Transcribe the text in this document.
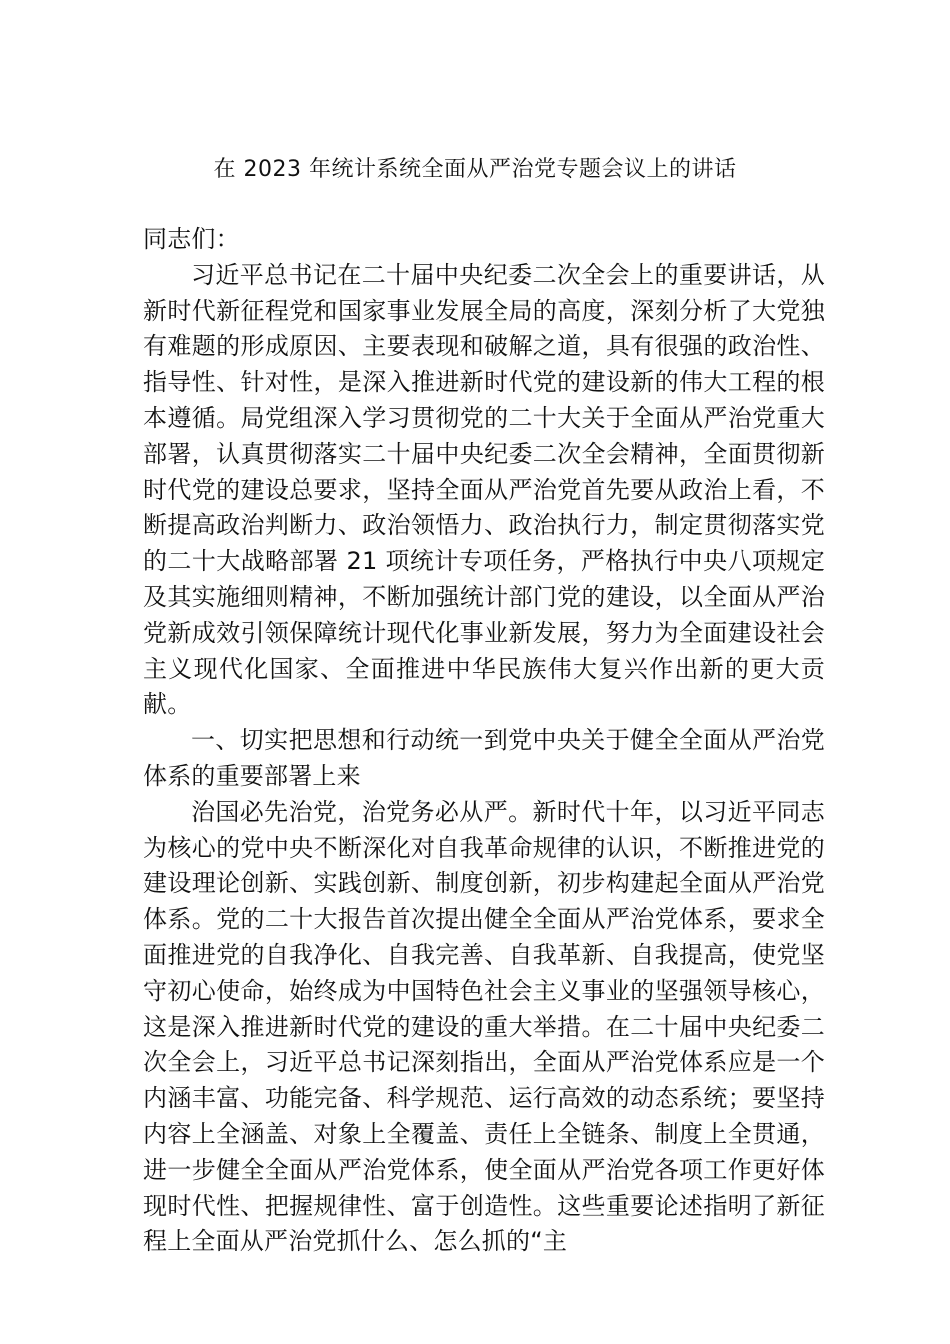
在 2023 年统计系统全面从严治党专题会议上的讲话

同志们：

习近平总书记在二十届中央纪委二次全会上的重要讲话，从新时代新征程党和国家事业发展全局的高度，深刻分析了大党独有难题的形成原因、主要表现和破解之道，具有很强的政治性、指导性、针对性，是深入推进新时代党的建设新的伟大工程的根本遵循。局党组深入学习贯彻党的二十大关于全面从严治党重大部署，认真贯彻落实二十届中央纪委二次全会精神，全面贯彻新时代党的建设总要求，坚持全面从严治党首先要从政治上看，不断提高政治判断力、政治领悟力、政治执行力，制定贯彻落实党的二十大战略部署 21 项统计专项任务，严格执行中央八项规定及其实施细则精神，不断加强统计部门党的建设，以全面从严治党新成效引领保障统计现代化事业新发展，努力为全面建设社会主义现代化国家、全面推进中华民族伟大复兴作出新的更大贡献。

一、切实把思想和行动统一到党中央关于健全全面从严治党体系的重要部署上来

治国必先治党，治党务必从严。新时代十年，以习近平同志为核心的党中央不断深化对自我革命规律的认识，不断推进党的建设理论创新、实践创新、制度创新，初步构建起全面从严治党体系。党的二十大报告首次提出健全全面从严治党体系，要求全面推进党的自我净化、自我完善、自我革新、自我提高，使党坚守初心使命，始终成为中国特色社会主义事业的坚强领导核心，这是深入推进新时代党的建设的重大举措。在二十届中央纪委二次全会上，习近平总书记深刻指出，全面从严治党体系应是一个内涵丰富、功能完备、科学规范、运行高效的动态系统；要坚持内容上全涵盖、对象上全覆盖、责任上全链条、制度上全贯通，进一步健全全面从严治党体系，使全面从严治党各项工作更好体现时代性、把握规律性、富于创造性。这些重要论述指明了新征程上全面从严治党抓什么、怎么抓的“主
